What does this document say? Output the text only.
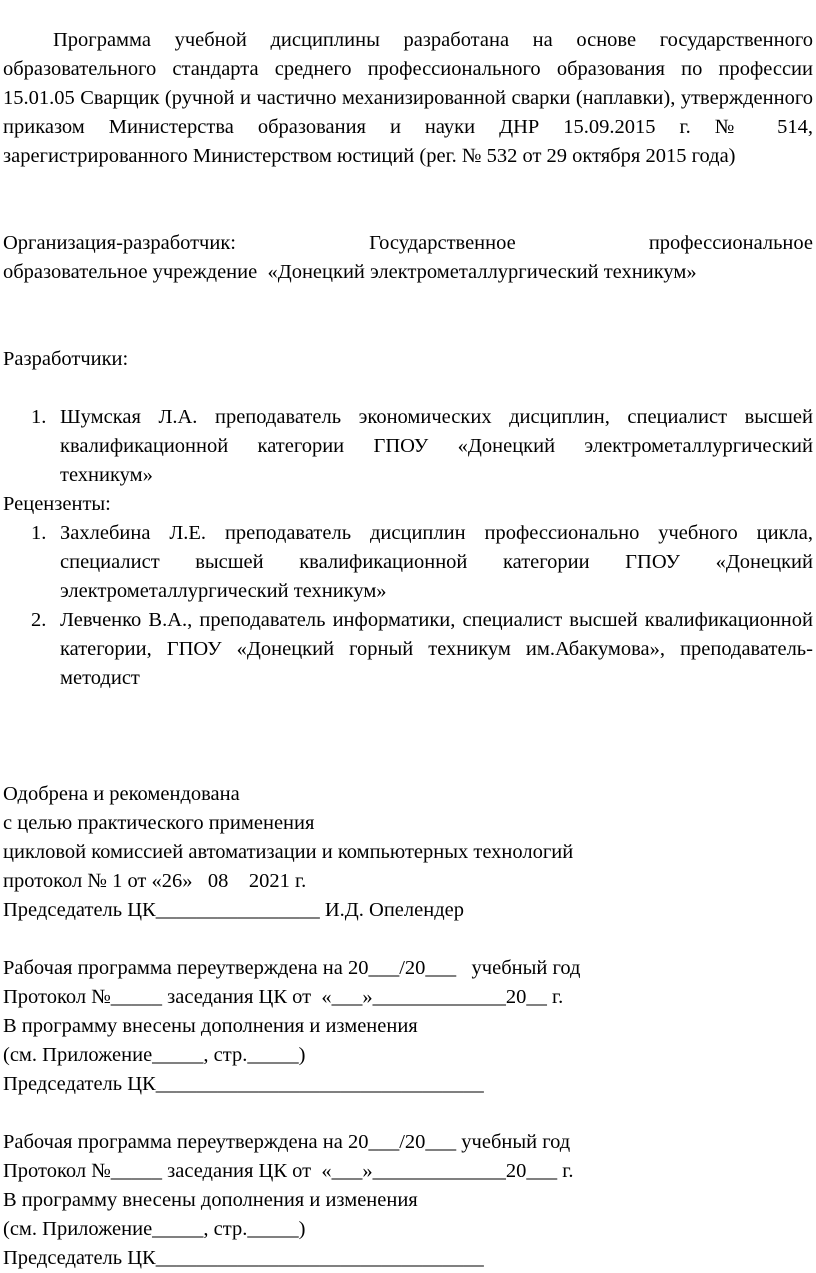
Программа учебной дисциплины разработана на основе государственного образовательного стандарта среднего профессионального образования по профессии 15.01.05 Сварщик (ручной и частично механизированной сварки (наплавки), утвержденного приказом Министерства образования и науки ДНР 15.09.2015 г. № 514, зарегистрированного Министерством юстиций (рег. № 532 от 29 октября 2015 года)

Организация-разработчик: Государственное профессиональное

образовательное учреждение  «Донецкий электрометаллургический техникум»

Разработчики:

1. Шумская Л.А. преподаватель экономических дисциплин, специалист высшей квалификационной категории ГПОУ «Донецкий электрометаллургический техникум»

Рецензенты:

1. Захлебина Л.Е. преподаватель дисциплин профессионально учебного цикла, специалист высшей квалификационной категории ГПОУ «Донецкий электрометаллургический техникум»
2. Левченко В.А., преподаватель информатики, специалист высшей квалификационной категории, ГПОУ «Донецкий горный техникум им.Абакумова», преподаватель-методист

Одобрена и рекомендована

с целью практического применения

цикловой комиссией автоматизации и компьютерных технологий

протокол № 1 от «26»   08    2021 г.

Председатель ЦК________________ И.Д. Опелендер

Рабочая программа переутверждена на 20___/20___   учебный год

Протокол №_____ заседания ЦК от  «___»_____________20__ г.

В программу внесены дополнения и изменения

(см. Приложение_____, стр._____)

Председатель ЦК________________________________

Рабочая программа переутверждена на 20___/20___ учебный год

Протокол №_____ заседания ЦК от  «___»_____________20___ г.

В программу внесены дополнения и изменения

(см. Приложение_____, стр._____)

Председатель ЦК________________________________
